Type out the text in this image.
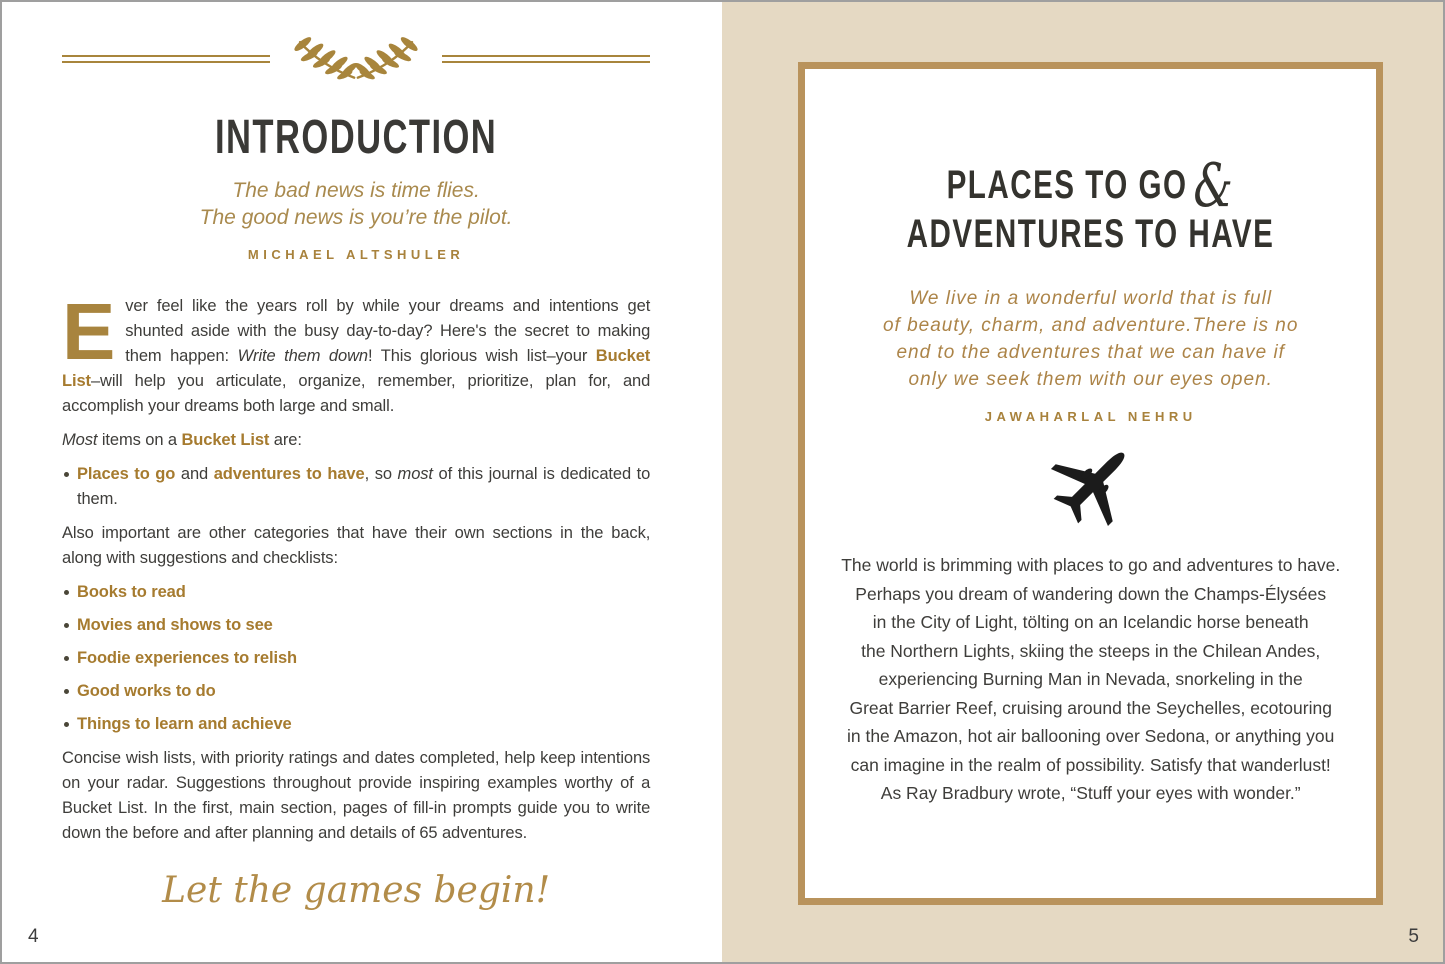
INTRODUCTION
The bad news is time flies.
The good news is you’re the pilot.
MICHAEL ALTSHULER

Ever feel like the years roll by while your dreams and intentions get shunted aside with the busy day-to-day? Here's the secret to making them happen: Write them down! This glorious wish list–your Bucket List–will help you articulate, organize, remember, prioritize, plan for, and accomplish your dreams both large and small.

Most items on a Bucket List are:

Places to go and adventures to have, so most of this journal is dedicated to them.

Also important are other categories that have their own sections in the back, along with suggestions and checklists:

Books to read
Movies and shows to see
Foodie experiences to relish
Good works to do
Things to learn and achieve

Concise wish lists, with priority ratings and dates completed, help keep intentions on your radar. Suggestions throughout provide inspiring examples worthy of a Bucket List. In the first, main section, pages of fill-in prompts guide you to write down the before and after planning and details of 65 adventures.

Let the games begin!
4
PLACES TO GO&
ADVENTURES TO HAVE
We live in a wonderful world that is full
of beauty, charm, and adventure.There is no
end to the adventures that we can have if
only we seek them with our eyes open.
JAWAHARLAL NEHRU
The world is brimming with places to go and adventures to have.
Perhaps you dream of wandering down the Champs-Élysées
in the City of Light, tölting on an Icelandic horse beneath
the Northern Lights, skiing the steeps in the Chilean Andes,
experiencing Burning Man in Nevada, snorkeling in the
Great Barrier Reef, cruising around the Seychelles, ecotouring
in the Amazon, hot air ballooning over Sedona, or anything you
can imagine in the realm of possibility. Satisfy that wanderlust!
As Ray Bradbury wrote, “Stuff your eyes with wonder.”
5
